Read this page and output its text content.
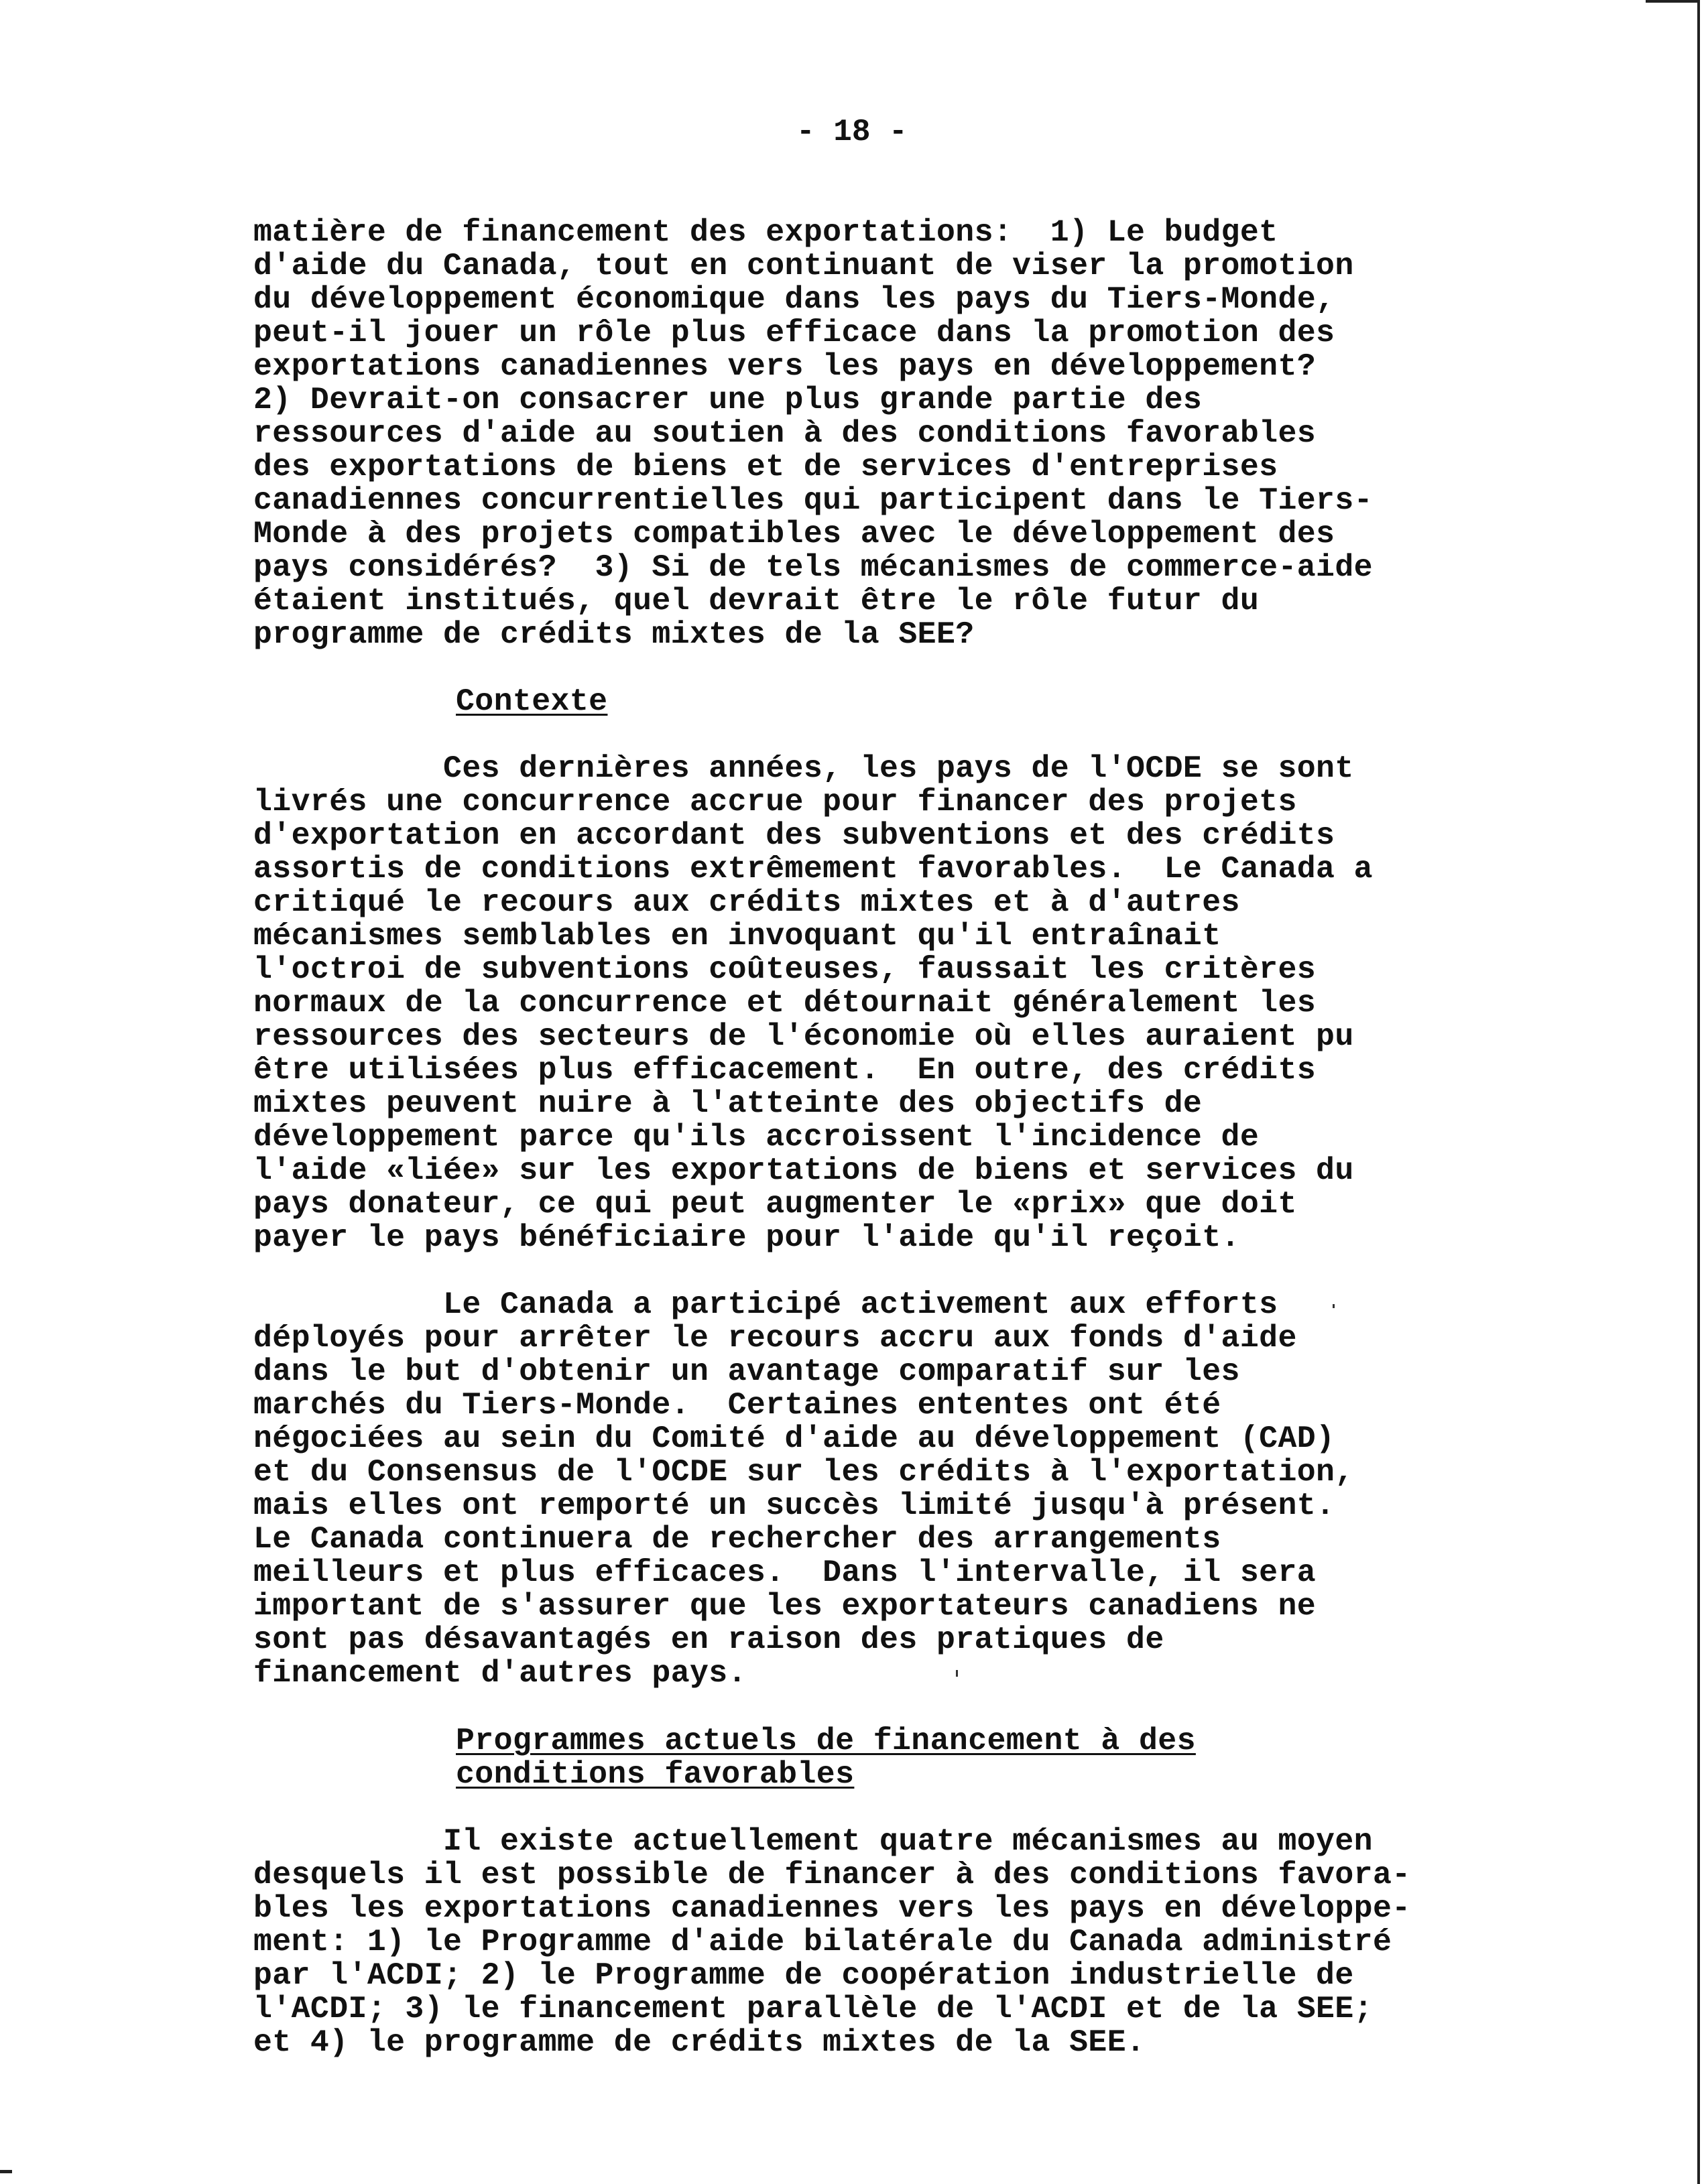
- 18 -
matière de financement des exportations:  1) Le budget
d'aide du Canada, tout en continuant de viser la promotion
du développement économique dans les pays du Tiers-Monde,
peut-il jouer un rôle plus efficace dans la promotion des
exportations canadiennes vers les pays en développement?
2) Devrait-on consacrer une plus grande partie des
ressources d'aide au soutien à des conditions favorables
des exportations de biens et de services d'entreprises
canadiennes concurrentielles qui participent dans le Tiers-
Monde à des projets compatibles avec le développement des
pays considérés?  3) Si de tels mécanismes de commerce-aide
étaient institués, quel devrait être le rôle futur du
programme de crédits mixtes de la SEE?
Contexte
Ces dernières années, les pays de l'OCDE se sont
livrés une concurrence accrue pour financer des projets
d'exportation en accordant des subventions et des crédits
assortis de conditions extrêmement favorables.  Le Canada a
critiqué le recours aux crédits mixtes et à d'autres
mécanismes semblables en invoquant qu'il entraînait
l'octroi de subventions coûteuses, faussait les critères
normaux de la concurrence et détournait généralement les
ressources des secteurs de l'économie où elles auraient pu
être utilisées plus efficacement.  En outre, des crédits
mixtes peuvent nuire à l'atteinte des objectifs de
développement parce qu'ils accroissent l'incidence de
l'aide «liée» sur les exportations de biens et services du
pays donateur, ce qui peut augmenter le «prix» que doit
payer le pays bénéficiaire pour l'aide qu'il reçoit.
Le Canada a participé activement aux efforts
déployés pour arrêter le recours accru aux fonds d'aide
dans le but d'obtenir un avantage comparatif sur les
marchés du Tiers-Monde.  Certaines ententes ont été
négociées au sein du Comité d'aide au développement (CAD)
et du Consensus de l'OCDE sur les crédits à l'exportation,
mais elles ont remporté un succès limité jusqu'à présent.
Le Canada continuera de rechercher des arrangements
meilleurs et plus efficaces.  Dans l'intervalle, il sera
important de s'assurer que les exportateurs canadiens ne
sont pas désavantagés en raison des pratiques de
financement d'autres pays.
Programmes actuels de financement à des
conditions favorables
Il existe actuellement quatre mécanismes au moyen
desquels il est possible de financer à des conditions favora-
bles les exportations canadiennes vers les pays en développe-
ment: 1) le Programme d'aide bilatérale du Canada administré
par l'ACDI; 2) le Programme de coopération industrielle de
l'ACDI; 3) le financement parallèle de l'ACDI et de la SEE;
et 4) le programme de crédits mixtes de la SEE.
